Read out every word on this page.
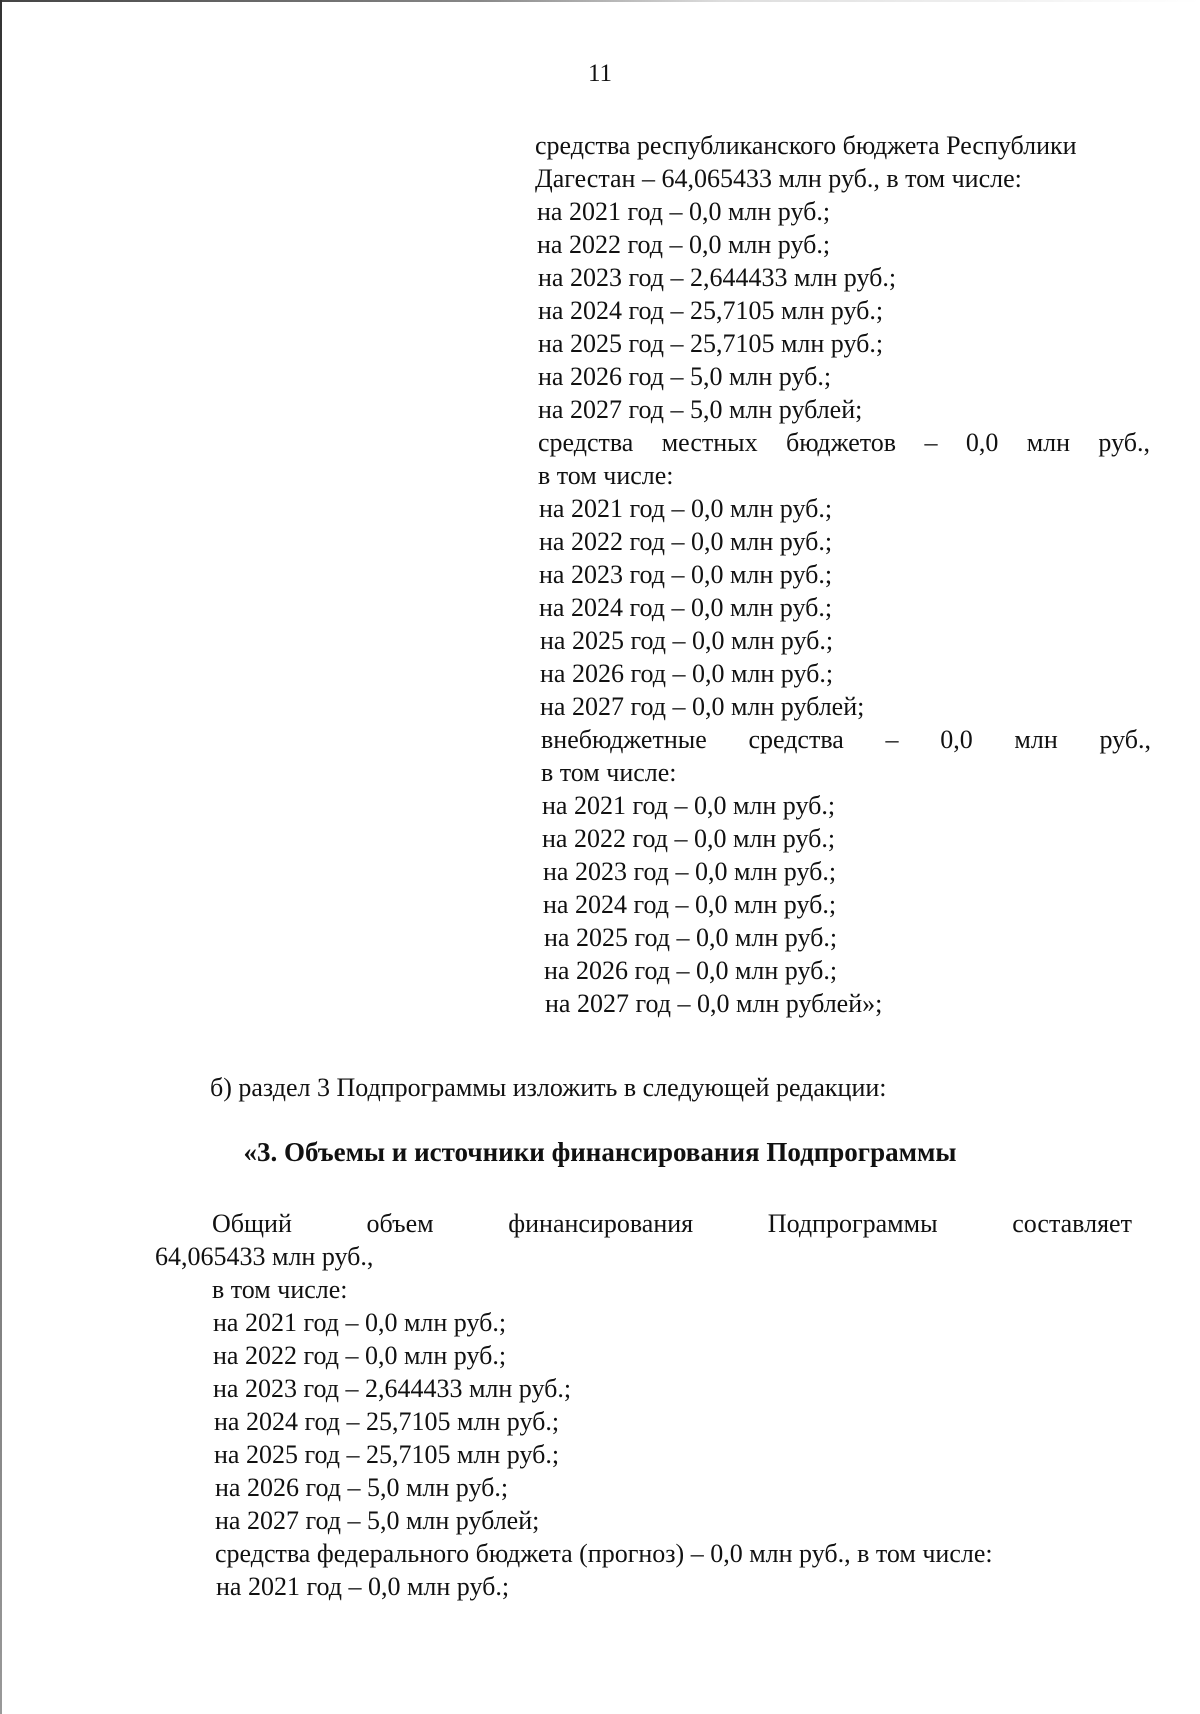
11
средства республиканского бюджета Республики
Дагестан – 64,065433 млн руб., в том числе:
на 2021 год – 0,0 млн руб.;
на 2022 год – 0,0 млн руб.;
на 2023 год – 2,644433 млн руб.;
на 2024 год – 25,7105 млн руб.;
на 2025 год – 25,7105 млн руб.;
на 2026 год – 5,0 млн руб.;
на 2027 год – 5,0 млн рублей;
средства местных бюджетов – 0,0 млн руб.,
в том числе:
на 2021 год – 0,0 млн руб.;
на 2022 год – 0,0 млн руб.;
на 2023 год – 0,0 млн руб.;
на 2024 год – 0,0 млн руб.;
на 2025 год – 0,0 млн руб.;
на 2026 год – 0,0 млн руб.;
на 2027 год – 0,0 млн рублей;
внебюджетные средства – 0,0 млн руб.,
в том числе:
на 2021 год – 0,0 млн руб.;
на 2022 год – 0,0 млн руб.;
на 2023 год – 0,0 млн руб.;
на 2024 год – 0,0 млн руб.;
на 2025 год – 0,0 млн руб.;
на 2026 год – 0,0 млн руб.;
на 2027 год – 0,0 млн рублей»;
б) раздел 3 Подпрограммы изложить в следующей редакции:
«3. Объемы и источники финансирования Подпрограммы
Общий	объем	финансирования	Подпрограммы	составляет
64,065433 млн руб.,
в том числе:
на 2021 год – 0,0 млн руб.;
на 2022 год – 0,0 млн руб.;
на 2023 год – 2,644433 млн руб.;
на 2024 год – 25,7105 млн руб.;
на 2025 год – 25,7105 млн руб.;
на 2026 год – 5,0 млн руб.;
на 2027 год – 5,0 млн рублей;
средства федерального бюджета (прогноз) – 0,0 млн руб., в том числе:
на 2021 год – 0,0 млн руб.;
